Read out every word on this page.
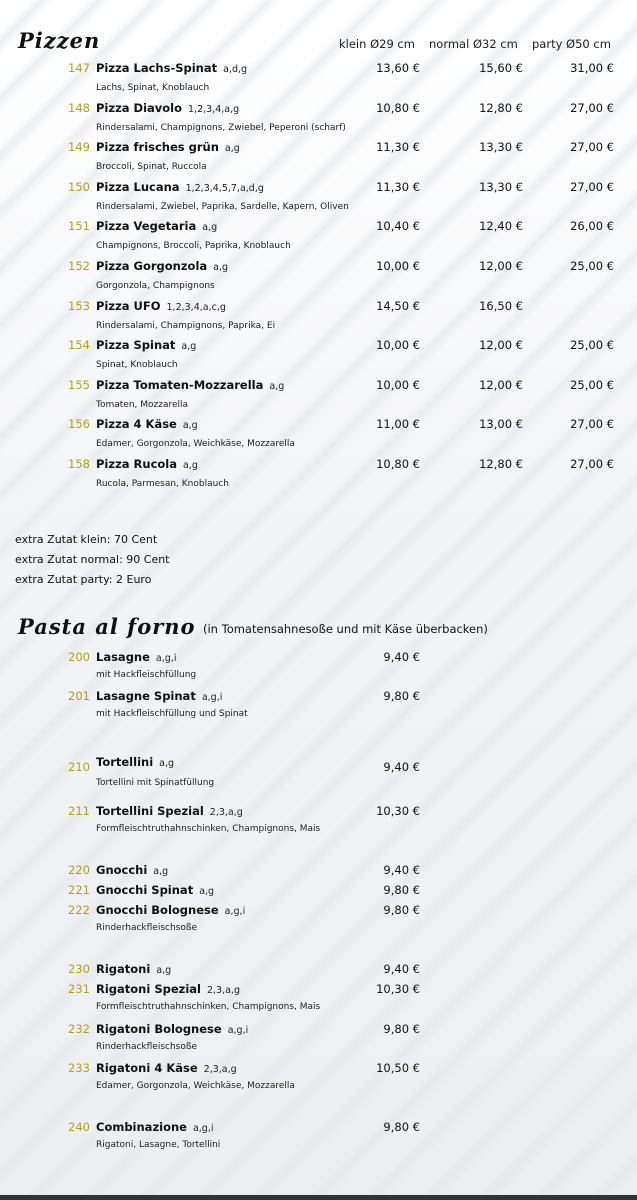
Pizzen	klein Ø29 cm normal Ø32 cm party Ø50 cm
147 Pizza Lachs-Spinat a,d,g
Lachs, Spinat, Knoblauch
13,60 €	15,60 €	31,00 €
148 Pizza Diavolo 1,2,3,4,a,g
Rindersalami, Champignons, Zwiebel, Peperoni (scharf)
10,80 €	12,80 €	27,00 €
149 Pizza frisches grün a,g
Broccoli, Spinat, Ruccola
11,30 €	13,30 €	27,00 €
150 Pizza Lucana 1,2,3,4,5,7,a,d,g
Rindersalami, Zwiebel, Paprika, Sardelle, Kapern, Oliven
11,30 €	13,30 €	27,00 €
151 Pizza Vegetaria a,g
Champignons, Broccoli, Paprika, Knoblauch
10,40 €	12,40 €	26,00 €
152 Pizza Gorgonzola a,g
Gorgonzola, Champignons
10,00 €	12,00 €	25,00 €
153 Pizza UFO 1,2,3,4,a,c,g
Rindersalami, Champignons, Paprika, Ei
14,50 €	16,50 €
154 Pizza Spinat a,g
Spinat, Knoblauch
10,00 €	12,00 €	25,00 €
155 Pizza Tomaten-Mozzarella a,g
Tomaten, Mozzarella
10,00 €	12,00 €	25,00 €
156 Pizza 4 Käse a,g
Edamer, Gorgonzola, Weichkäse, Mozzarella
11,00 €	13,00 €	27,00 €
158 Pizza Rucola a,g
Rucola, Parmesan, Knoblauch
10,80 €	12,80 €	27,00 €
extra Zutat klein: 70 Cent
extra Zutat normal: 90 Cent
extra Zutat party: 2 Euro
Pasta al forno (in Tomatensahnesoße und mit Käse überbacken)
200 Lasagne a,g,i
mit Hackfleischfüllung
9,40 €
201 Lasagne Spinat a,g,i
mit Hackfleischfüllung und Spinat
9,80 €
210 Tortellini a,g
Tortellini mit Spinatfüllung
9,40 €
211 Tortellini Spezial 2,3,a,g
Formfleischtruthahnschinken, Champignons, Mais
10,30 €
220 Gnocchi a,g	9,40 €
221 Gnocchi Spinat a,g	9,80 €
222 Gnocchi Bolognese a,g,i
Rinderhackfleischsoße
9,80 €
230 Rigatoni a,g	9,40 €
231 Rigatoni Spezial 2,3,a,g
Formfleischtruthahnschinken, Champignons, Mais
10,30 €
232 Rigatoni Bolognese a,g,i
Rinderhackfleischsoße
9,80 €
233 Rigatoni 4 Käse 2,3,a,g
Edamer, Gorgonzola, Weichkäse, Mozzarella
10,50 €
240 Combinazione a,g,i
Rigatoni, Lasagne, Tortellini
9,80 €
